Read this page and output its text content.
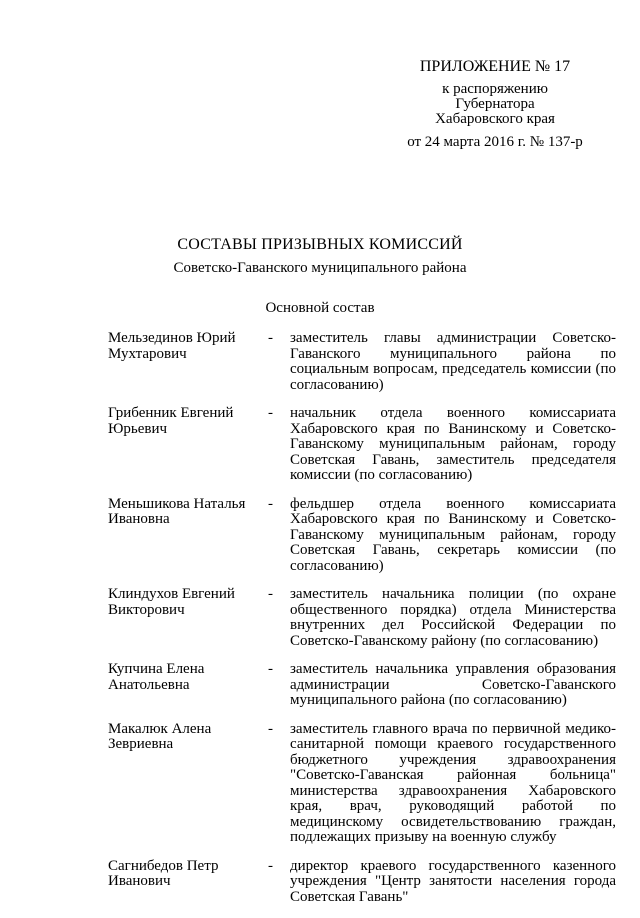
ПРИЛОЖЕНИЕ № 17
к распоряжению
Губернатора
Хабаровского края
от 24 марта 2016 г. № 137-р
СОСТАВЫ ПРИЗЫВНЫХ КОМИССИЙ
Советско-Гаванского муниципального района
Основной состав
Мельзединов Юрий Мухтарович
-	заместитель главы администрации Советско-Гаванского муниципального района по социальным вопросам, председатель комиссии (по согласованию)
Грибенник Евгений Юрьевич
-	начальник отдела военного комиссариата Хабаровского края по Ванинскому и Советско-Гаванскому муниципальным районам, городу Советская Гавань, заместитель председателя комиссии (по согласованию)
Меньшикова Наталья Ивановна
-	фельдшер отдела военного комиссариата Хабаровского края по Ванинскому и Советско-Гаванскому муниципальным районам, городу Советская Гавань, секретарь комиссии (по согласованию)
Клиндухов Евгений Викторович
-	заместитель начальника полиции (по охране общественного порядка) отдела Министерства внутренних дел Российской Федерации по Советско-Гаванскому району (по согласованию)
Купчина Елена Анатольевна
-	заместитель начальника управления образования администрации Советско-Гаванского муниципального района (по согласованию)
Макалюк Алена Зевриевна
-	заместитель главного врача по первичной медико-санитарной помощи краевого государственного бюджетного учреждения здравоохранения "Советско-Гаванская районная больница" министерства здравоохранения Хабаровского края, врач, руководящий работой по медицинскому освидетельствованию граждан, подлежащих призыву на военную службу
Сагнибедов Петр Иванович
-	директор краевого государственного казенного учреждения "Центр занятости населения города Советская Гавань"
